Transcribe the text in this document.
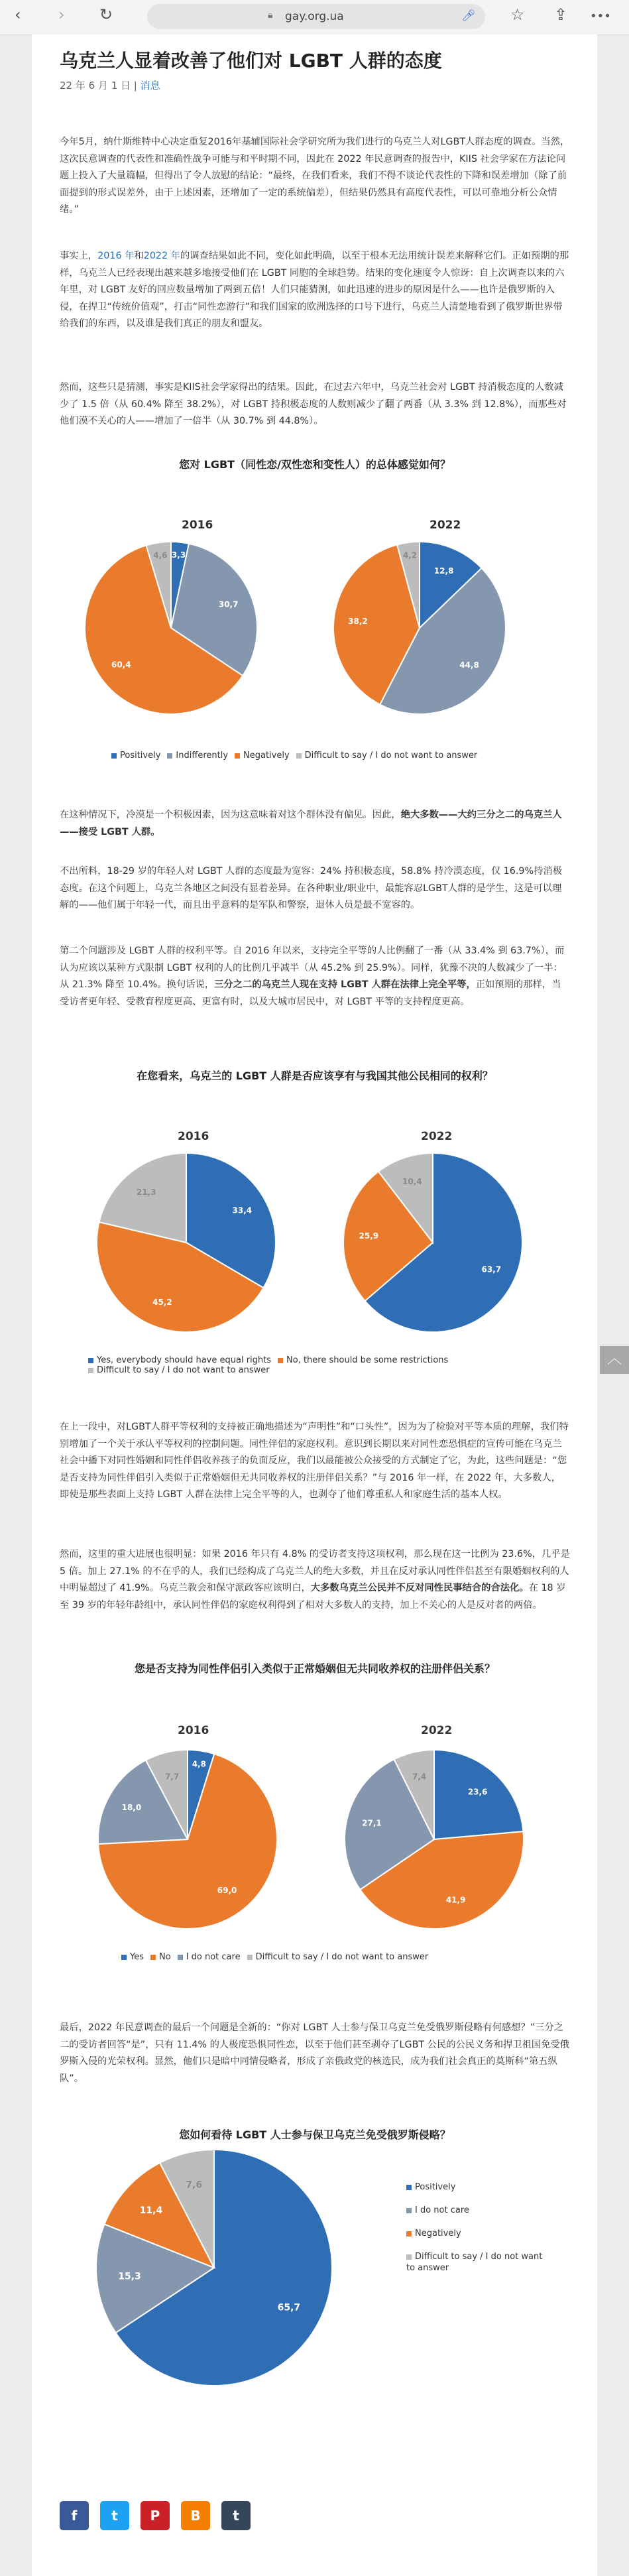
‹ › ↻	🔒︎ gay.org.ua	🎤︎ ☆ ⇪ •••
︿
乌克兰人显着改善了他们对 LGBT 人群的态度
22 年 6 月 1 日 | 消息

今年5月，纳什斯维特中心决定重复2016年基辅国际社会学研究所为我们进行的乌克兰人对LGBT人群态度的调查。当然，这次民意调查的代表性和准确性战争可能与和平时期不同，因此在 2022 年民意调查的报告中，KIIS 社会学家在方法论问题上投入了大量篇幅，但得出了令人放慰的结论：“最终，在我们看来，我们不得不谈论代表性的下降和误差增加（除了前面提到的形式误差外，由于上述因素，还增加了一定的系统偏差），但结果仍然具有高度代表性，可以可靠地分析公众情绪。”

事实上，2016 年和2022 年的调查结果如此不同，变化如此明确，以至于根本无法用统计误差来解释它们。正如预期的那样，乌克兰人已经表现出越来越多地接受他们在 LGBT 同胞的全球趋势。结果的变化速度令人惊讶：自上次调查以来的六年里，对 LGBT 友好的回应数量增加了两到五倍！人们只能猜测，如此迅速的进步的原因是什么——也许是俄罗斯的入侵，在捍卫“传统价值观”，打击“同性恋游行”和我们国家的欧洲选择的口号下进行，乌克兰人清楚地看到了俄罗斯世界带给我们的东西，以及谁是我们真正的朋友和盟友。

然而，这些只是猜测，事实是KIIS社会学家得出的结果。因此，在过去六年中，乌克兰社会对 LGBT 持消极态度的人数减少了 1.5 倍（从 60.4% 降至 38.2%），对 LGBT 持积极态度的人数则减少了翻了两番（从 3.3% 到 12.8%），而那些对他们漠不关心的人——增加了一倍半（从 30.7% 到 44.8%）。

您对 LGBT（同性恋/双性恋和变性人）的总体感觉如何？
2016	2022
3,3
30,7
60,4
4,6
12,8
44,8
38,2
4,2
Positively Indifferently Negatively Difficult to say / I do not want to answer

在这种情况下，冷漠是一个积极因素，因为这意味着对这个群体没有偏见。因此，绝大多数——大约三分之二的乌克兰人——接受 LGBT 人群。

不出所料，18-29 岁的年轻人对 LGBT 人群的态度最为宽容：24% 持积极态度，58.8% 持冷漠态度，仅 16.9%持消极态度。在这个问题上，乌克兰各地区之间没有显着差异。在各种职业/职业中，最能容忍LGBT人群的是学生，这是可以理解的——他们属于年轻一代，而且出乎意料的是军队和警察，退休人员是最不宽容的。

第二个问题涉及 LGBT 人群的权利平等。自 2016 年以来，支持完全平等的人比例翻了一番（从 33.4% 到 63.7%），而认为应该以某种方式限制 LGBT 权利的人的比例几乎减半（从 45.2% 到 25.9%）。同样，犹豫不决的人数减少了一半：从 21.3% 降至 10.4%。换句话说，三分之二的乌克兰人现在支持 LGBT 人群在法律上完全平等，正如预期的那样，当受访者更年轻、受教育程度更高、更富有时，以及大城市居民中，对 LGBT 平等的支持程度更高。

在您看来，乌克兰的 LGBT 人群是否应该享有与我国其他公民相同的权利？
2016	2022
33,4
45,2
21,3
63,7
25,9
10,4
Yes, everybody should have equal rights No, there should be some restrictionsDifficult to say / I do not want to answer

在上一段中，对LGBT人群平等权利的支持被正确地描述为“声明性”和“口头性”，因为为了检验对平等本质的理解，我们特别增加了一个关于承认平等权利的控制问题。同性伴侣的家庭权利。意识到长期以来对同性恋恐惧症的宣传可能在乌克兰社会中播下对同性婚姻和同性伴侣收养孩子的负面反应，我们以最能被公众接受的方式制定了它，为此，这些问题是：“您是否支持为同性伴侣引入类似于正常婚姻但无共同收养权的注册伴侣关系？”与 2016 年一样，在 2022 年，大多数人，即使是那些表面上支持 LGBT 人群在法律上完全平等的人，也剥夺了他们尊重私人和家庭生活的基本人权。

然而，这里的重大进展也很明显：如果 2016 年只有 4.8% 的受访者支持这项权利，那么现在这一比例为 23.6%，几乎是 5 倍。加上 27.1% 的不在乎的人，我们已经构成了乌克兰人的绝大多数，并且在反对承认同性伴侣甚至有限婚姻权利的人中明显超过了 41.9%。乌克兰教会和保守派政客应该明白，大多数乌克兰公民并不反对同性民事结合的合法化。在 18 岁至 39 岁的年轻年龄组中，承认同性伴侣的家庭权利得到了相对大多数人的支持，加上不关心的人是反对者的两倍。

您是否支持为同性伴侣引入类似于正常婚姻但无共同收养权的注册伴侣关系？
2016	2022
4,8
69,0
18,0
7,7
23,6
41,9
27,1
7,4
Yes No I do not care Difficult to say / I do not want to answer

最后，2022 年民意调查的最后一个问题是全新的：“你对 LGBT 人士参与保卫乌克兰免受俄罗斯侵略有何感想？”三分之二的受访者回答“是”，只有 11.4% 的人极度恐惧同性恋，以至于他们甚至剥夺了LGBT 公民的公民义务和捍卫祖国免受俄罗斯入侵的光荣权利。显然，他们只是暗中同情侵略者，形成了亲俄政党的核选民，成为我们社会真正的莫斯科“第五纵队”。

您如何看待 LGBT 人士参与保卫乌克兰免受俄罗斯侵略？
65,7
15,3
11,4
7,6	Positively
I do not care
Negatively
Difficult to say / I do not want to answer
f	t P B t
